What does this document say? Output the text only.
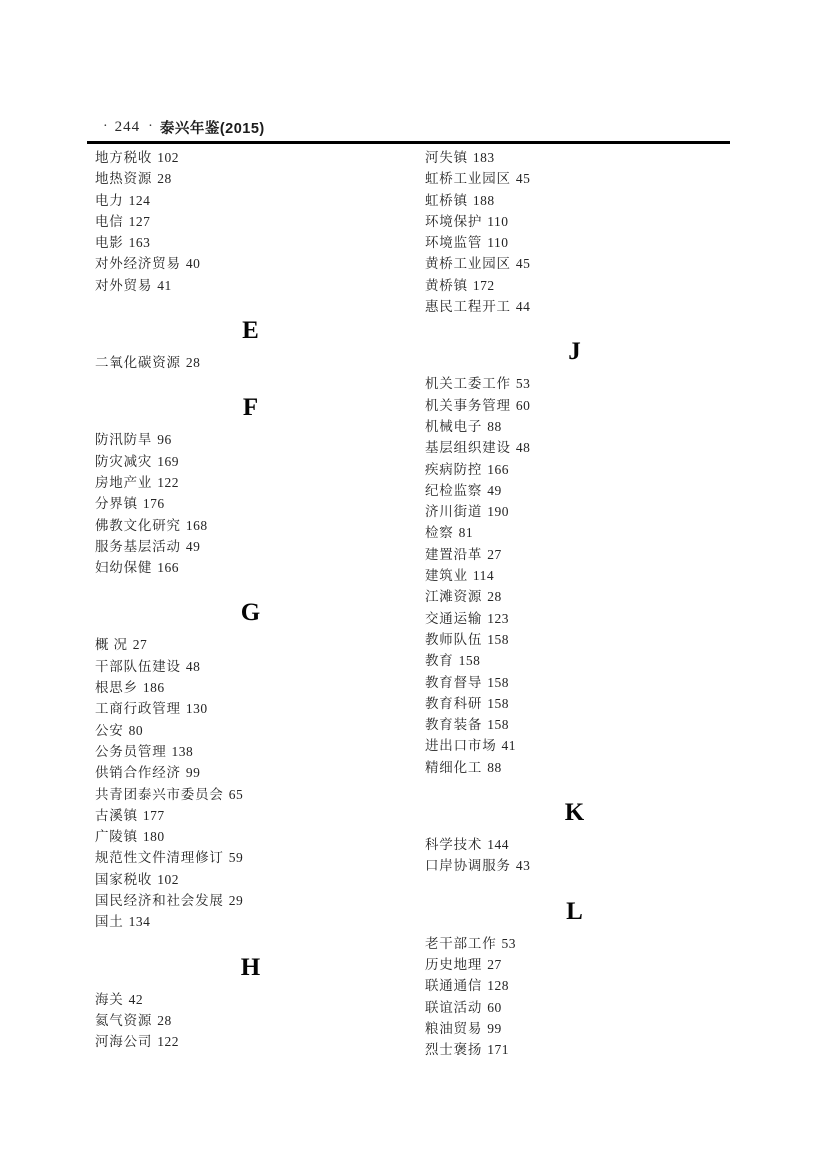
· 244 · 泰兴年鉴(2015)
地方税收 102
地热资源 28
电力 124
电信 127
电影 163
对外经济贸易 40
对外贸易 41
E
二氧化碳资源 28
F
防汛防旱 96
防灾减灾 169
房地产业 122
分界镇 176
佛教文化研究 168
服务基层活动 49
妇幼保健 166
G
概 况 27
干部队伍建设 48
根思乡 186
工商行政管理 130
公安 80
公务员管理 138
供销合作经济 99
共青团泰兴市委员会 65
古溪镇 177
广陵镇 180
规范性文件清理修订 59
国家税收 102
国民经济和社会发展 29
国土 134
H
海关 42
氦气资源 28
河海公司 122
河失镇 183
虹桥工业园区 45
虹桥镇 188
环境保护 110
环境监管 110
黄桥工业园区 45
黄桥镇 172
惠民工程开工 44
J
机关工委工作 53
机关事务管理 60
机械电子 88
基层组织建设 48
疾病防控 166
纪检监察 49
济川街道 190
检察 81
建置沿革 27
建筑业 114
江滩资源 28
交通运输 123
教师队伍 158
教育 158
教育督导 158
教育科研 158
教育装备 158
进出口市场 41
精细化工 88
K
科学技术 144
口岸协调服务 43
L
老干部工作 53
历史地理 27
联通通信 128
联谊活动 60
粮油贸易 99
烈士褒扬 171
